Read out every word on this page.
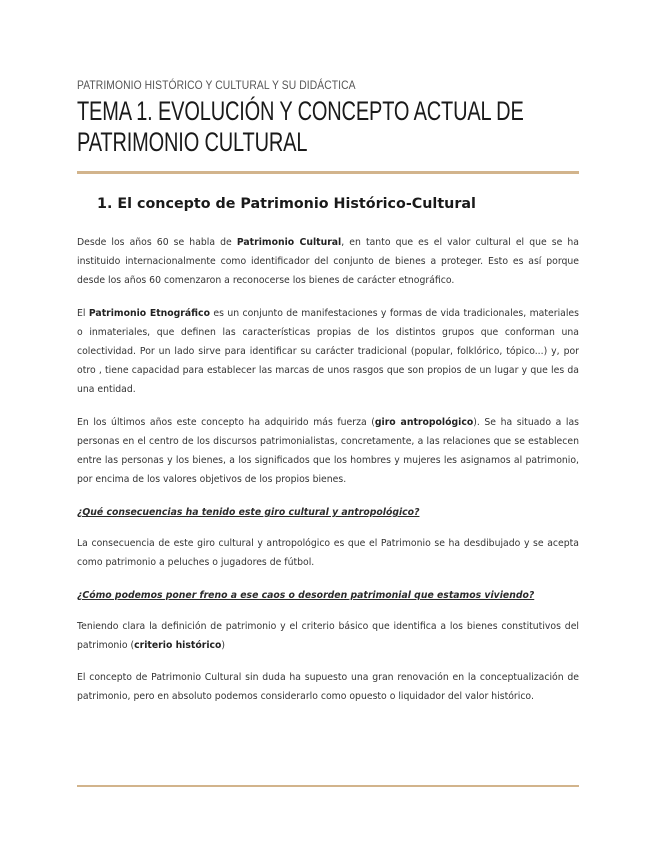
PATRIMONIO HISTÓRICO Y CULTURAL Y SU DIDÁCTICA
TEMA 1. EVOLUCIÓN Y CONCEPTO ACTUAL DE
PATRIMONIO CULTURAL
1. El concepto de Patrimonio Histórico-Cultural

Desde los años 60 se habla de Patrimonio Cultural, en tanto que es el valor cultural el que se ha instituido internacionalmente como identificador del conjunto de bienes a proteger. Esto es así porque desde los años 60 comenzaron a reconocerse los bienes de carácter etnográfico.

El Patrimonio Etnográfico es un conjunto de manifestaciones y formas de vida tradicionales, materiales o inmateriales, que definen las características propias de los distintos grupos que conforman una colectividad. Por un lado sirve para identificar su carácter tradicional (popular, folklórico, tópico...) y, por otro , tiene capacidad para establecer las marcas de unos rasgos que son propios de un lugar y que les da una entidad.

En los últimos años este concepto ha adquirido más fuerza (giro antropológico). Se ha situado a las personas en el centro de los discursos patrimonialistas, concretamente, a las relaciones que se establecen entre las personas y los bienes, a los significados que los hombres y mujeres les asignamos al patrimonio, por encima de los valores objetivos de los propios bienes.

¿Qué consecuencias ha tenido este giro cultural y antropológico?

La consecuencia de este giro cultural y antropológico es que el Patrimonio se ha desdibujado y se acepta como patrimonio a peluches o jugadores de fútbol.

¿Cómo podemos poner freno a ese caos o desorden patrimonial que estamos viviendo?

Teniendo clara la definición de patrimonio y el criterio básico que identifica a los bienes constitutivos del patrimonio (criterio histórico)

El concepto de Patrimonio Cultural sin duda ha supuesto una gran renovación en la conceptualización de patrimonio, pero en absoluto podemos considerarlo como opuesto o liquidador del valor histórico.
